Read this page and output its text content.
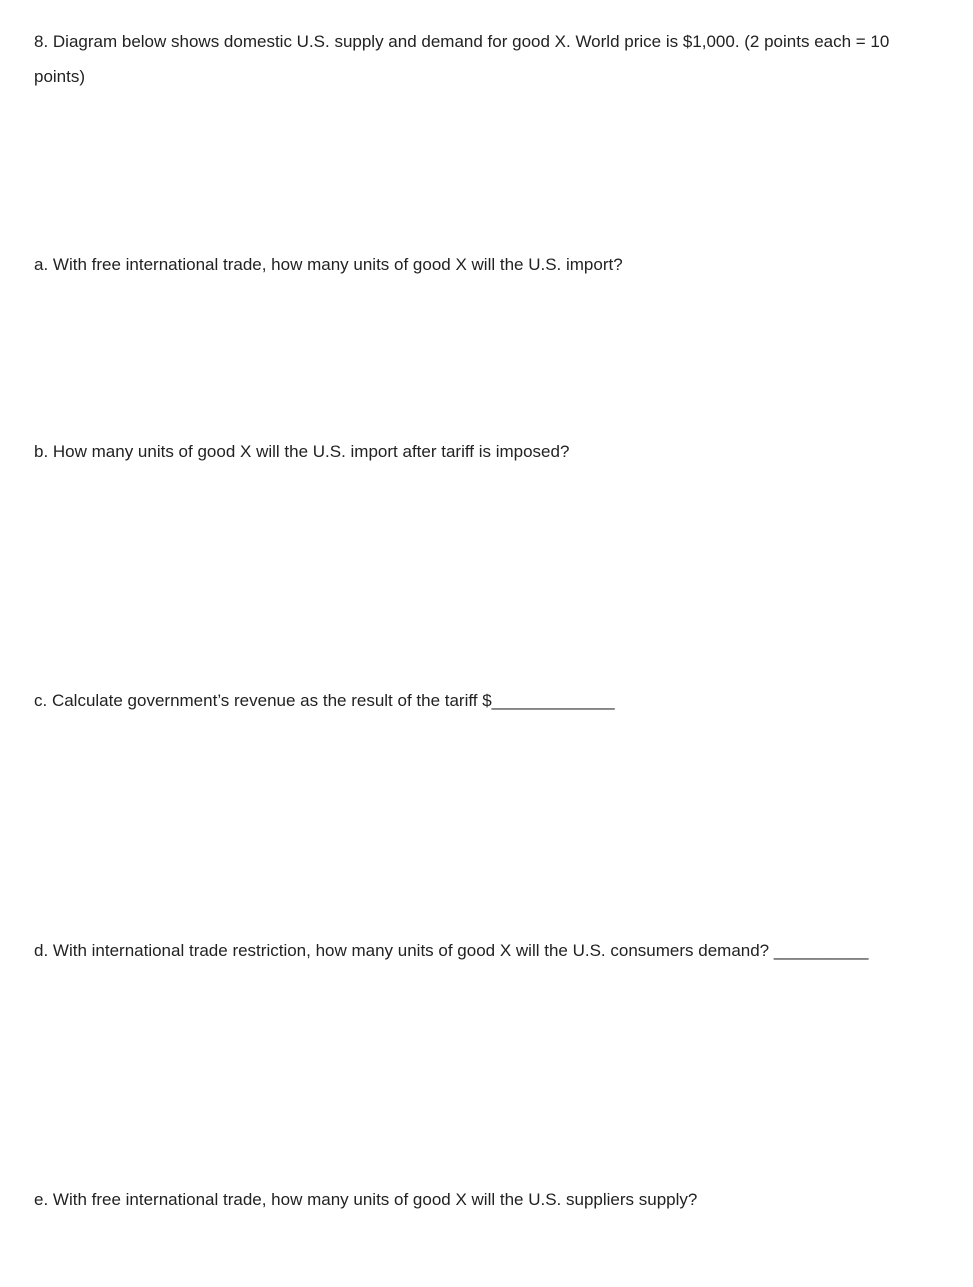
8. Diagram below shows domestic U.S. supply and demand for good X. World price is $1,000. (2 points each = 10
points)
a. With free international trade, how many units of good X will the U.S. import?
b. How many units of good X will the U.S. import after tariff is imposed?
c. Calculate government’s revenue as the result of the tariff $_____________
d. With international trade restriction, how many units of good X will the U.S. consumers demand? __________
e. With free international trade, how many units of good X will the U.S. suppliers supply?
